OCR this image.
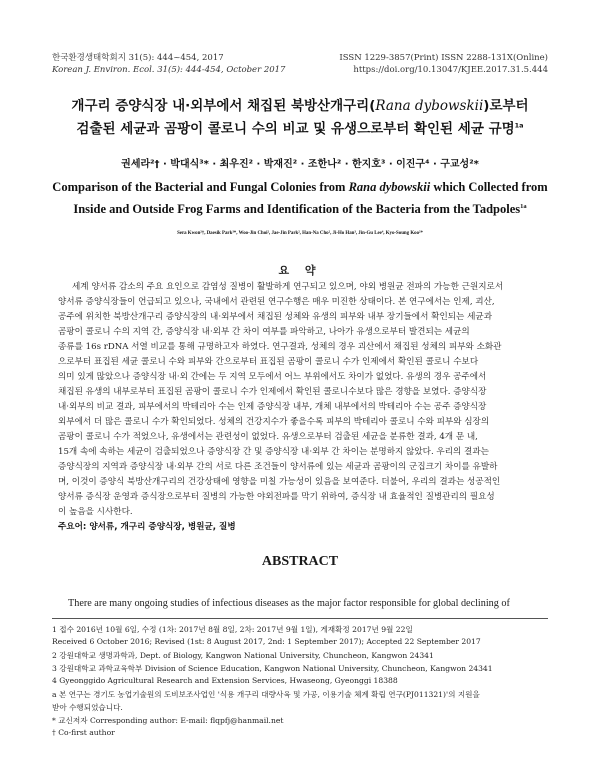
한국환경생태학회지 31(5): 444~454, 2017
Korean J. Environ. Ecol. 31(5): 444-454, October 2017
ISSN 1229-3857(Print) ISSN 2288-131X(Online)
https://doi.org/10.13047/KJEE.2017.31.5.444
개구리 증양식장 내·외부에서 채집된 북방산개구리(Rana dybowskii)로부터
검출된 세균과 곰팡이 콜로니 수의 비교 및 유생으로부터 확인된 세균 규명$^{1a}$
권세라²† · 박대식³* · 최우진² · 박재진² · 조한나² · 한지호³ · 이진구⁴ · 구교성²*
Comparison of the Bacterial and Fungal Colonies from Rana dybowskii which Collected from
Inside and Outside Frog Farms and Identification of the Bacteria from the Tadpoles$^{1a}$
Sera Kwon²†, Daesik Park³*, Woo-Jin Choi², Jae-Jin Park², Han-Na Cho², Ji-Ho Han³, Jin-Gu Lee⁴, Kyo-Soung Koo²*
요 약
세계 양서류 감소의 주요 요인으로 감염성 질병이 활발하게 연구되고 있으며, 야외 병원균 전파의 가능한 근원지로서
양서류 증양식장들이 언급되고 있으나, 국내에서 관련된 연구수행은 매우 미진한 상태이다. 본 연구에서는 인제, 괴산,
공주에 위치한 북방산개구리 증양식장의 내·외부에서 채집된 성체와 유생의 피부와 내부 장기들에서 확인되는 세균과
곰팡이 콜로니 수의 지역 간, 증양식장 내·외부 간 차이 여부를 파악하고, 나아가 유생으로부터 발견되는 세균의
종류를 16s rDNA 서열 비교를 통해 규명하고자 하였다. 연구결과, 성체의 경우 괴산에서 채집된 성체의 피부와 소화관
으로부터 표집된 세균 콜로니 수와 피부와 간으로부터 표집된 곰팡이 콜로니 수가 인제에서 확인된 콜로니 수보다
의미 있게 많았으나 증양식장 내·외 간에는 두 지역 모두에서 어느 부위에서도 차이가 없었다. 유생의 경우 공주에서
채집된 유생의 내부로부터 표집된 곰팡이 콜로니 수가 인제에서 확인된 콜로니수보다 많은 경향을 보였다. 증양식장
내·외부의 비교 결과, 피부에서의 박테리아 수는 인제 증양식장 내부, 개체 내부에서의 박테리아 수는 공주 증양식장
외부에서 더 많은 콜로니 수가 확인되었다. 성체의 건강지수가 좋을수록 피부의 박테리아 콜로니 수와 피부와 심장의
곰팡이 콜로니 수가 적었으나, 유생에서는 관련성이 없었다. 유생으로부터 검출된 세균을 분류한 결과, 4개 문 내,
15개 속에 속하는 세균이 검출되었으나 증양식장 간 및 증양식장 내·외부 간 차이는 분명하지 않았다. 우리의 결과는
증양식장의 지역과 증양식장 내·외부 간의 서로 다른 조건들이 양서류에 있는 세균과 곰팡이의 군집크기 차이를 유발하
며, 이것이 증양식 북방산개구리의 건강상태에 영향을 미칠 가능성이 있음을 보여준다. 더불어, 우리의 결과는 성공적인
양서류 증식장 운영과 증식장으로부터 질병의 가능한 야외전파를 막기 위하여, 증식장 내 효율적인 질병관리의 필요성
이 높음을 시사한다.
주요어: 양서류, 개구리 증양식장, 병원균, 질병
ABSTRACT
There are many ongoing studies of infectious diseases as the major factor responsible for global declining of
1 접수 2016년 10월 6일, 수정 (1차: 2017년 8월 8일, 2차: 2017년 9월 1일), 게재확정 2017년 9월 22일
Received 6 October 2016; Revised (1st: 8 August 2017, 2nd: 1 September 2017); Accepted 22 September 2017
2 강원대학교 생명과학과, Dept. of Biology, Kangwon National University, Chuncheon, Kangwon 24341
3 강원대학교 과학교육학부 Division of Science Education, Kangwon National University, Chuncheon, Kangwon 24341
4 Gyeonggido Agricultural Research and Extension Services, Hwaseong, Gyeonggi 18388
a 본 연구는 경기도 농업기술원의 도비보조사업인 '식용 개구리 대량사육 및 가공, 이용기술 체계 확립 연구(PJ011321)'의 지원을
받아 수행되었습니다.
* 교신저자 Corresponding author: E-mail: flqpfj@hanmail.net
† Co-first author
